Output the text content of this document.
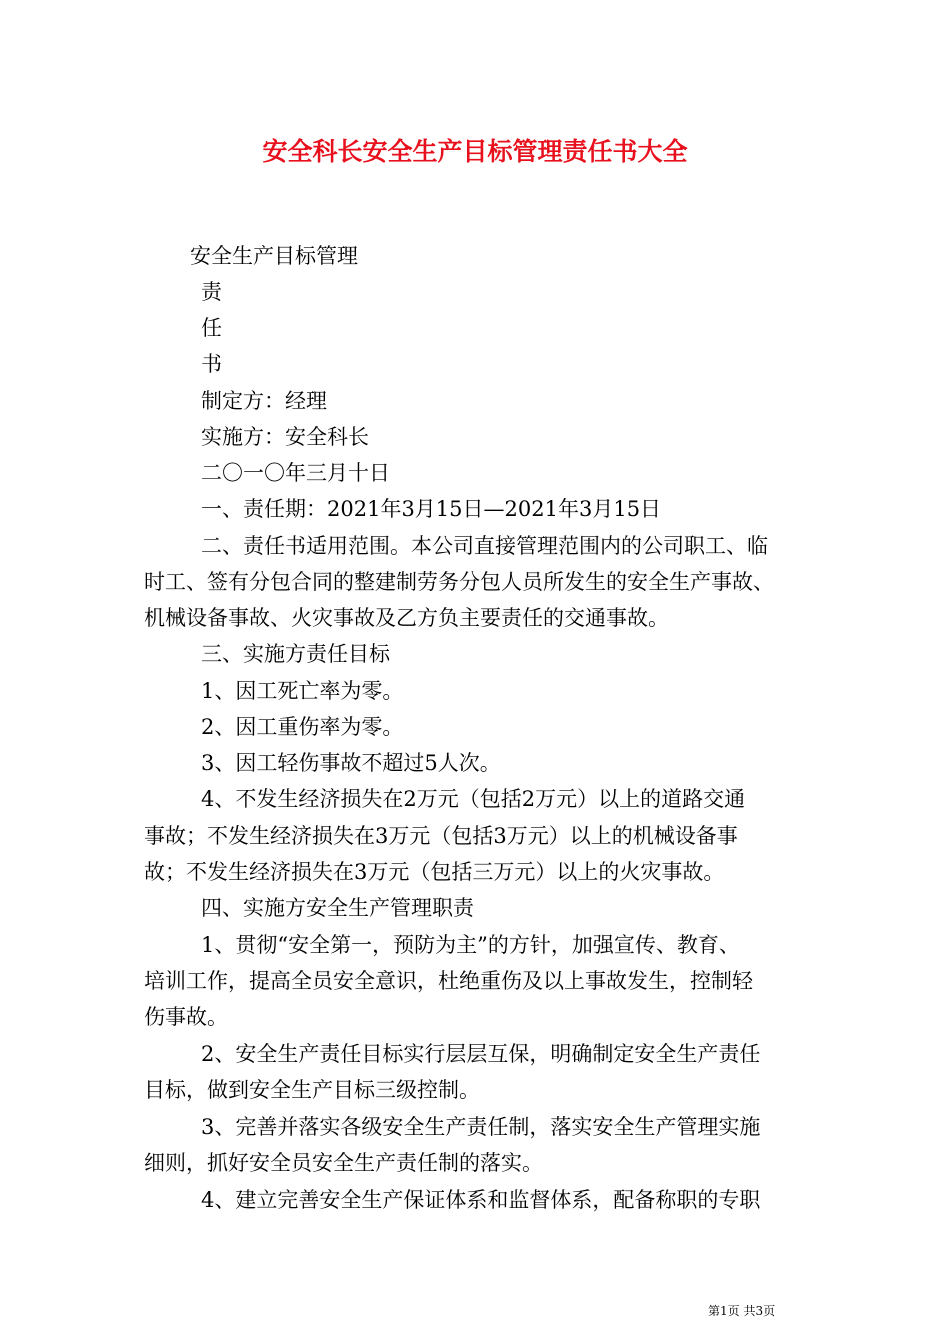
安全科长安全生产目标管理责任书大全
安全生产目标管理
责
任
书
制定方：经理
实施方：安全科长
二〇一〇年三月十日
一、责任期：2021年3月15日—2021年3月15日
二、责任书适用范围。本公司直接管理范围内的公司职工、临
时工、签有分包合同的整建制劳务分包人员所发生的安全生产事故、
机械设备事故、火灾事故及乙方负主要责任的交通事故。
三、实施方责任目标
1、因工死亡率为零。
2、因工重伤率为零。
3、因工轻伤事故不超过5人次。
4、不发生经济损失在2万元（包括2万元）以上的道路交通
事故；不发生经济损失在3万元（包括3万元）以上的机械设备事
故；不发生经济损失在3万元（包括三万元）以上的火灾事故。
四、实施方安全生产管理职责
1、贯彻“安全第一，预防为主”的方针，加强宣传、教育、
培训工作，提高全员安全意识，杜绝重伤及以上事故发生，控制轻
伤事故。
2、安全生产责任目标实行层层互保，明确制定安全生产责任
目标，做到安全生产目标三级控制。
3、完善并落实各级安全生产责任制，落实安全生产管理实施
细则，抓好安全员安全生产责任制的落实。
4、建立完善安全生产保证体系和监督体系，配备称职的专职
第1页 共3页
